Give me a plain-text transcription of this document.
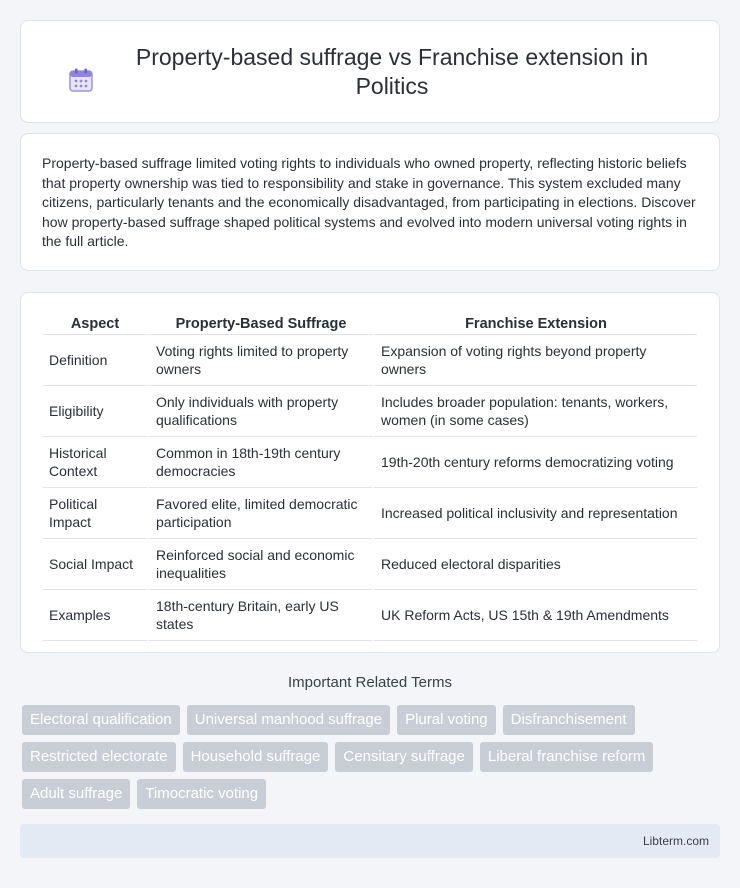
Property-based suffrage vs Franchise extension in Politics

Property-based suffrage limited voting rights to individuals who owned property, reflecting historic beliefs that property ownership was tied to responsibility and stake in governance. This system excluded many citizens, particularly tenants and the economically disadvantaged, from participating in elections. Discover how property-based suffrage shaped political systems and evolved into modern universal voting rights in the full article.

Aspect	Property-Based Suffrage	Franchise Extension
Definition	Voting rights limited to property owners	Expansion of voting rights beyond property owners
Eligibility	Only individuals with property qualifications	Includes broader population: tenants, workers, women (in some cases)
Historical Context	Common in 18th-19th century democracies	19th-20th century reforms democratizing voting
Political Impact	Favored elite, limited democratic participation	Increased political inclusivity and representation
Social Impact	Reinforced social and economic inequalities	Reduced electoral disparities
Examples	18th-century Britain, early US states	UK Reform Acts, US 15th & 19th Amendments
Important Related Terms
Electoral qualification	Universal manhood suffrage	Plural voting	Disfranchisement
Restricted electorate	Household suffrage	Censitary suffrage	Liberal franchise reform
Adult suffrage	Timocratic voting
Libterm.com
